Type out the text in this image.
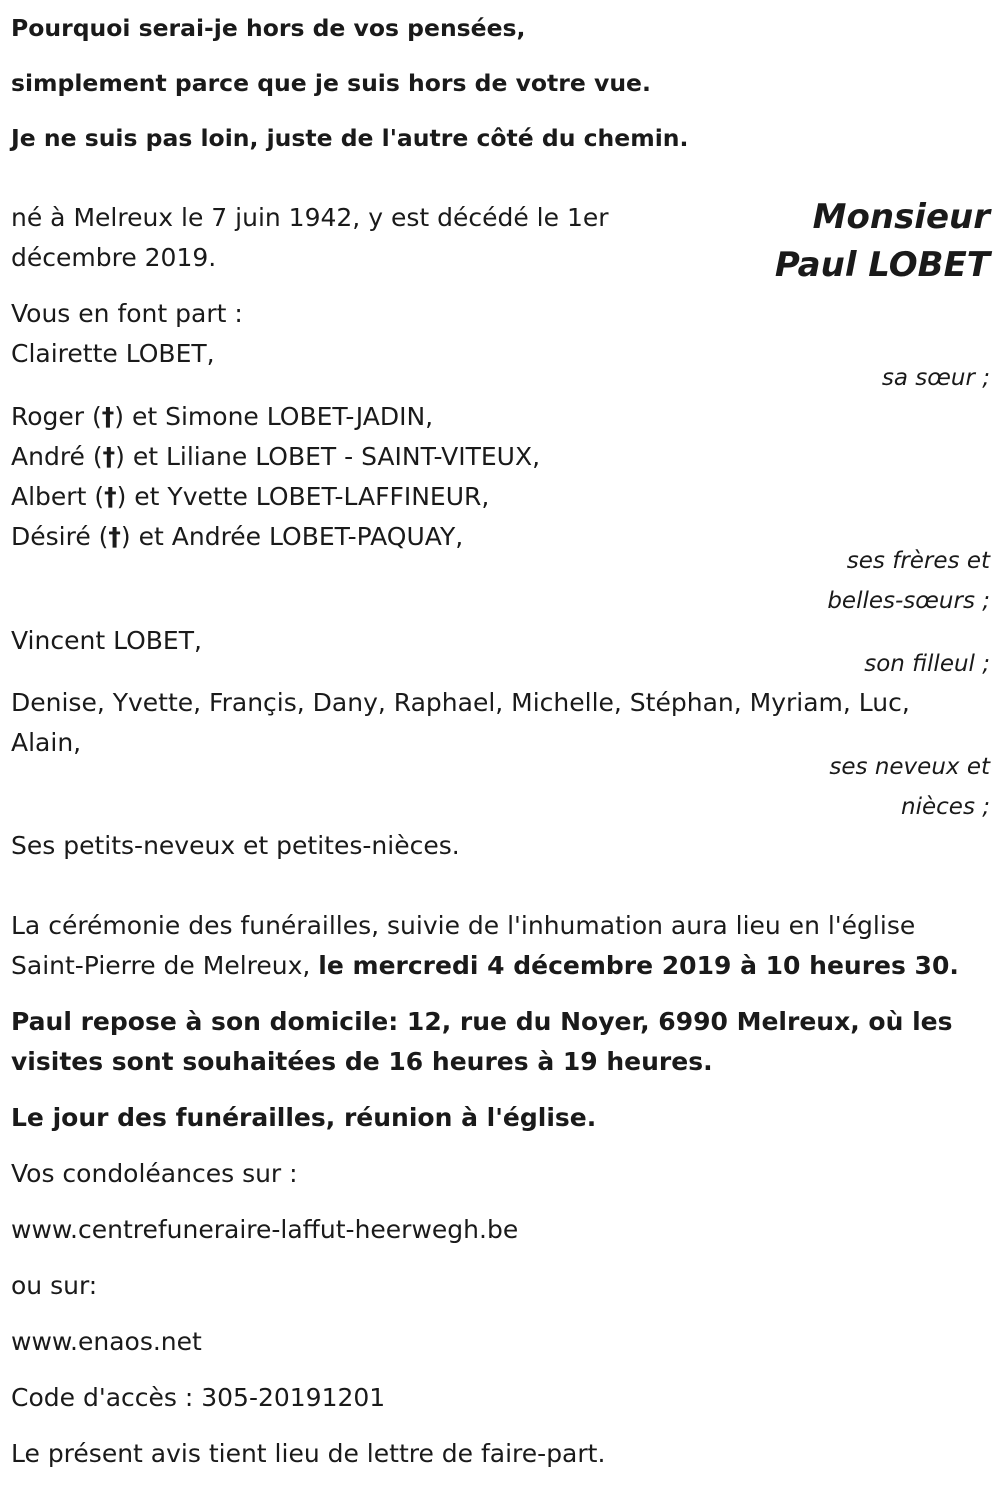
Pourquoi serai-je hors de vos pensées,
simplement parce que je suis hors de votre vue.
Je ne suis pas loin, juste de l'autre côté du chemin.
Monsieur
Paul LOBET
né à Melreux le 7 juin 1942, y est décédé le 1er
décembre 2019.
Vous en font part :
Clairette LOBET,
sa sœur ;
Roger (†) et Simone LOBET-JADIN,
André (†) et Liliane LOBET - SAINT-VITEUX,
Albert (†) et Yvette LOBET-LAFFINEUR,
Désiré (†) et Andrée LOBET-PAQUAY,
ses frères et
belles-sœurs ;
Vincent LOBET,
son filleul ;
Denise, Yvette, Françis, Dany, Raphael, Michelle, Stéphan, Myriam, Luc,
Alain,
ses neveux et
nièces ;
Ses petits-neveux et petites-nièces.
La cérémonie des funérailles, suivie de l'inhumation aura lieu en l'église
Saint-Pierre de Melreux, le mercredi 4 décembre 2019 à 10 heures 30.
Paul repose à son domicile: 12, rue du Noyer, 6990 Melreux, où les
visites sont souhaitées de 16 heures à 19 heures.
Le jour des funérailles, réunion à l'église.
Vos condoléances sur :
www.centrefuneraire-laffut-heerwegh.be
ou sur:
www.enaos.net
Code d'accès : 305-20191201
Le présent avis tient lieu de lettre de faire-part.
